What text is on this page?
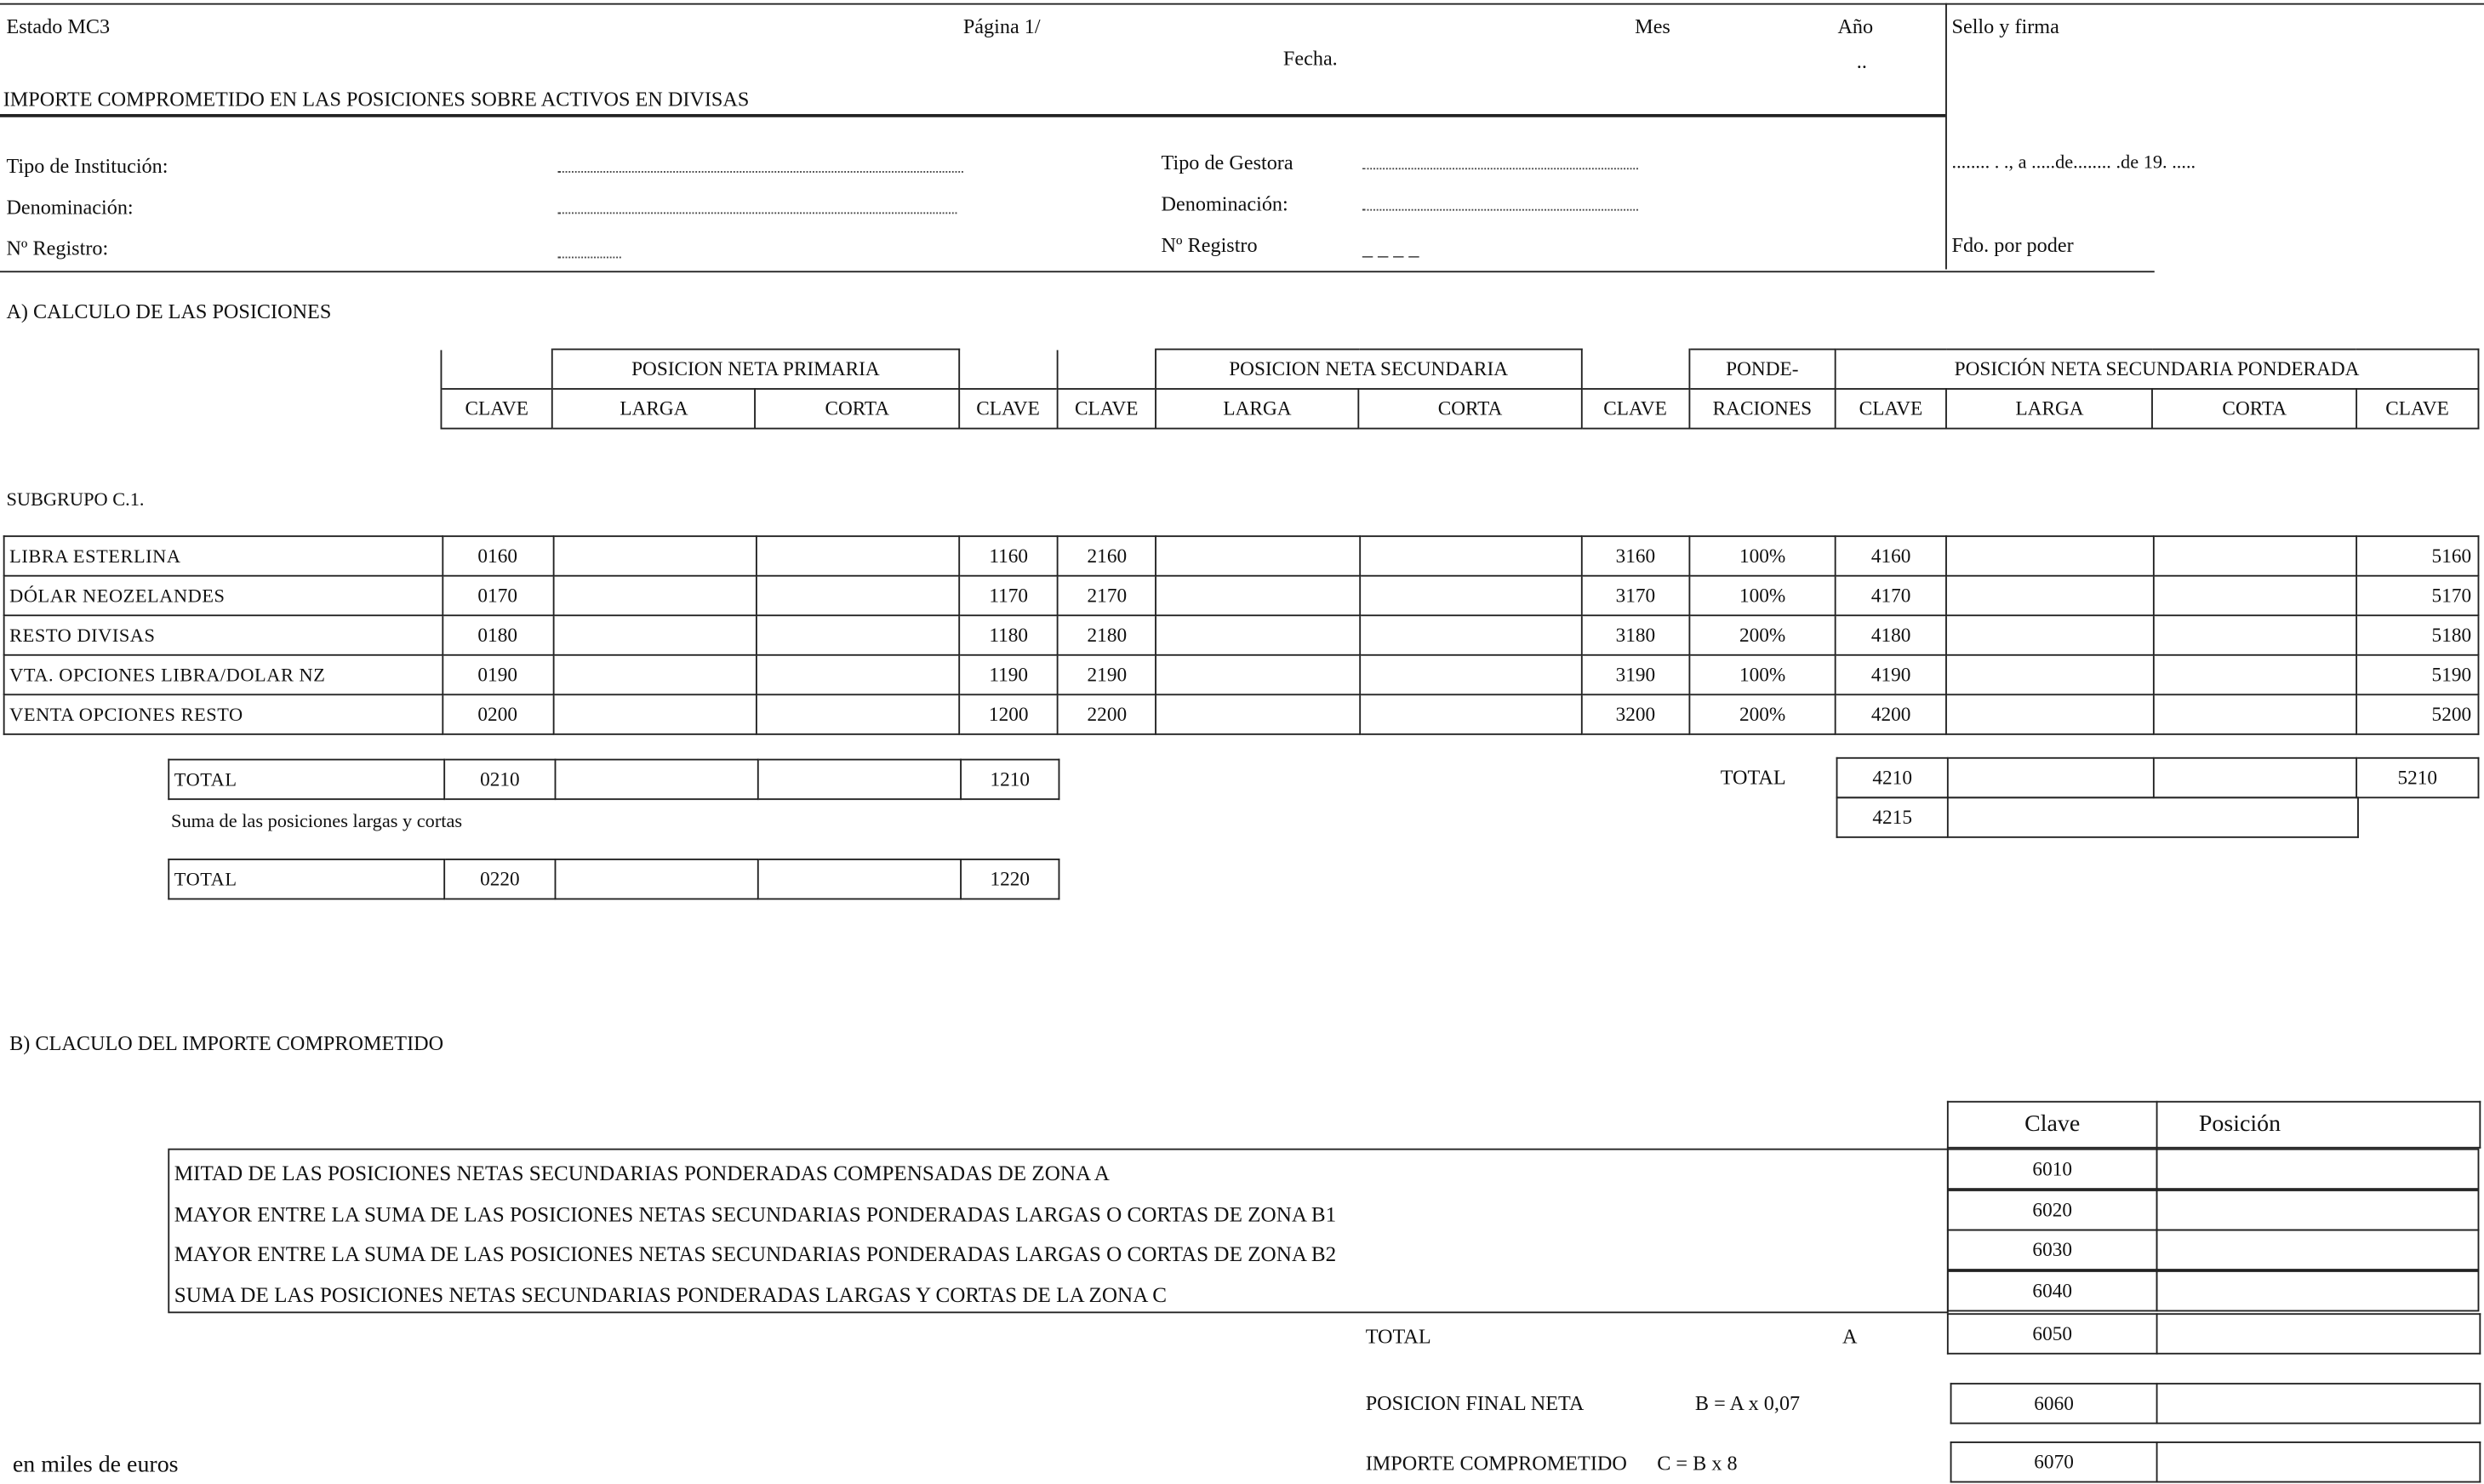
Estado MC3	Página 1/	Mes	Año
Fecha.	..
Sello y firma
IMPORTE COMPROMETIDO EN LAS POSICIONES SOBRE ACTIVOS EN DIVISAS
Tipo de Institución:
Denominación:
Nº Registro:
Tipo de Gestora
Denominación:
Nº Registro	_ _ _ _
........ . ., a .....de........ .de 19. .....
Fdo. por poder
A) CALCULO DE LAS POSICIONES
	POSICION NETA PRIMARIA				POSICION NETA SECUNDARIA			PONDE-	POSICIÓN NETA SECUNDARIA PONDERADA			
CLAVE	LARGA	CORTA	CLAVE	CLAVE	LARGA	CORTA	CLAVE	RACIONES	CLAVE	LARGA	CORTA	CLAVE
SUBGRUPO C.1.
LIBRA ESTERLINA	0160			1160	2160			3160	100%	4160			5160
DÓLAR NEOZELANDES	0170			1170	2170			3170	100%	4170			5170
RESTO DIVISAS	0180			1180	2180			3180	200%	4180			5180
VTA. OPCIONES LIBRA/DOLAR NZ	0190			1190	2190			3190	100%	4190			5190
VENTA OPCIONES RESTO	0200			1200	2200			3200	200%	4200			5200
TOTAL	0210			1210
Suma de las posiciones largas y cortas
TOTAL	0220			1220
TOTAL	4210			5210
4215	
B) CLACULO DEL IMPORTE COMPROMETIDO
Clave	Posición
MITAD DE LAS POSICIONES NETAS SECUNDARIAS PONDERADAS COMPENSADAS DE ZONA A	6010
MAYOR ENTRE LA SUMA DE LAS POSICIONES NETAS SECUNDARIAS PONDERADAS LARGAS O CORTAS DE ZONA B1	6020
MAYOR ENTRE LA SUMA DE LAS POSICIONES NETAS SECUNDARIAS PONDERADAS LARGAS O CORTAS DE ZONA B2	6030
SUMA DE LAS POSICIONES NETAS SECUNDARIAS PONDERADAS LARGAS Y CORTAS DE LA ZONA C	6040
TOTAL	A	6050	
POSICION FINAL NETA	B = A x 0,07	6060	
IMPORTE COMPROMETIDO	C = B x 8	6070	
en miles de euros
